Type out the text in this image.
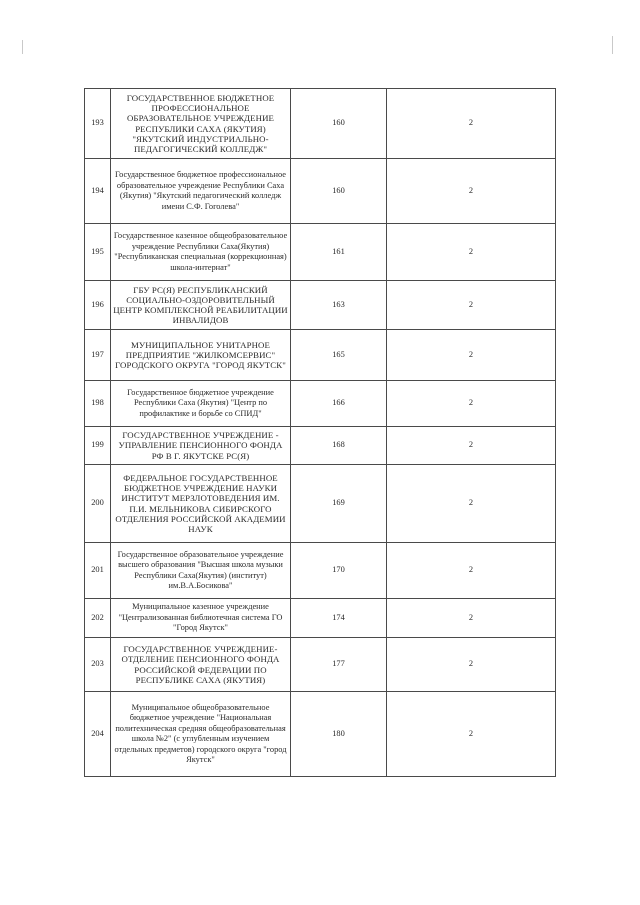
193	ГОСУДАРСТВЕННОЕ БЮДЖЕТНОЕ ПРОФЕССИОНАЛЬНОЕ ОБРАЗОВАТЕЛЬНОЕ УЧРЕЖДЕНИЕ РЕСПУБЛИКИ САХА (ЯКУТИЯ) "ЯКУТСКИЙ ИНДУСТРИАЛЬНО-ПЕДАГОГИЧЕСКИЙ КОЛЛЕДЖ"	160	2
194	Государственное бюджетное профессиональное образовательное учреждение Республики Саха (Якутия) "Якутский педагогический колледж имени С.Ф. Гоголева"	160	2
195	Государственное казенное общеобразовательное учреждение Республики Саха(Якутия) "Республиканская специальная (коррекционная) школа-интернат"	161	2
196	ГБУ РС(Я) РЕСПУБЛИКАНСКИЙ СОЦИАЛЬНО-ОЗДОРОВИТЕЛЬНЫЙ ЦЕНТР КОМПЛЕКСНОЙ РЕАБИЛИТАЦИИ ИНВАЛИДОВ	163	2
197	МУНИЦИПАЛЬНОЕ УНИТАРНОЕ ПРЕДПРИЯТИЕ "ЖИЛКОМСЕРВИС" ГОРОДСКОГО ОКРУГА "ГОРОД ЯКУТСК"	165	2
198	Государственное бюджетное учреждение Республики Саха (Якутия) "Центр по профилактике и борьбе со СПИД"	166	2
199	ГОСУДАРСТВЕННОЕ УЧРЕЖДЕНИЕ - УПРАВЛЕНИЕ ПЕНСИОННОГО ФОНДА РФ В Г. ЯКУТСКЕ РС(Я)	168	2
200	ФЕДЕРАЛЬНОЕ ГОСУДАРСТВЕННОЕ БЮДЖЕТНОЕ УЧРЕЖДЕНИЕ НАУКИ ИНСТИТУТ МЕРЗЛОТОВЕДЕНИЯ ИМ. П.И. МЕЛЬНИКОВА СИБИРСКОГО ОТДЕЛЕНИЯ РОССИЙСКОЙ АКАДЕМИИ НАУК	169	2
201	Государственное образовательное учреждение высшего образования "Высшая школа музыки Республики Саха(Якутия) (институт) им.В.А.Босикова"	170	2
202	Муниципальное казенное учреждение "Централизованная библиотечная система ГО "Город Якутск"	174	2
203	ГОСУДАРСТВЕННОЕ УЧРЕЖДЕНИЕ-ОТДЕЛЕНИЕ ПЕНСИОННОГО ФОНДА РОССИЙСКОЙ ФЕДЕРАЦИИ ПО РЕСПУБЛИКЕ САХА (ЯКУТИЯ)	177	2
204	Муниципальное общеобразовательное бюджетное учреждение "Национальная политехническая средняя общеобразовательная школа №2" (с углубленным изучением отдельных предметов) городского округа "город Якутск"	180	2
